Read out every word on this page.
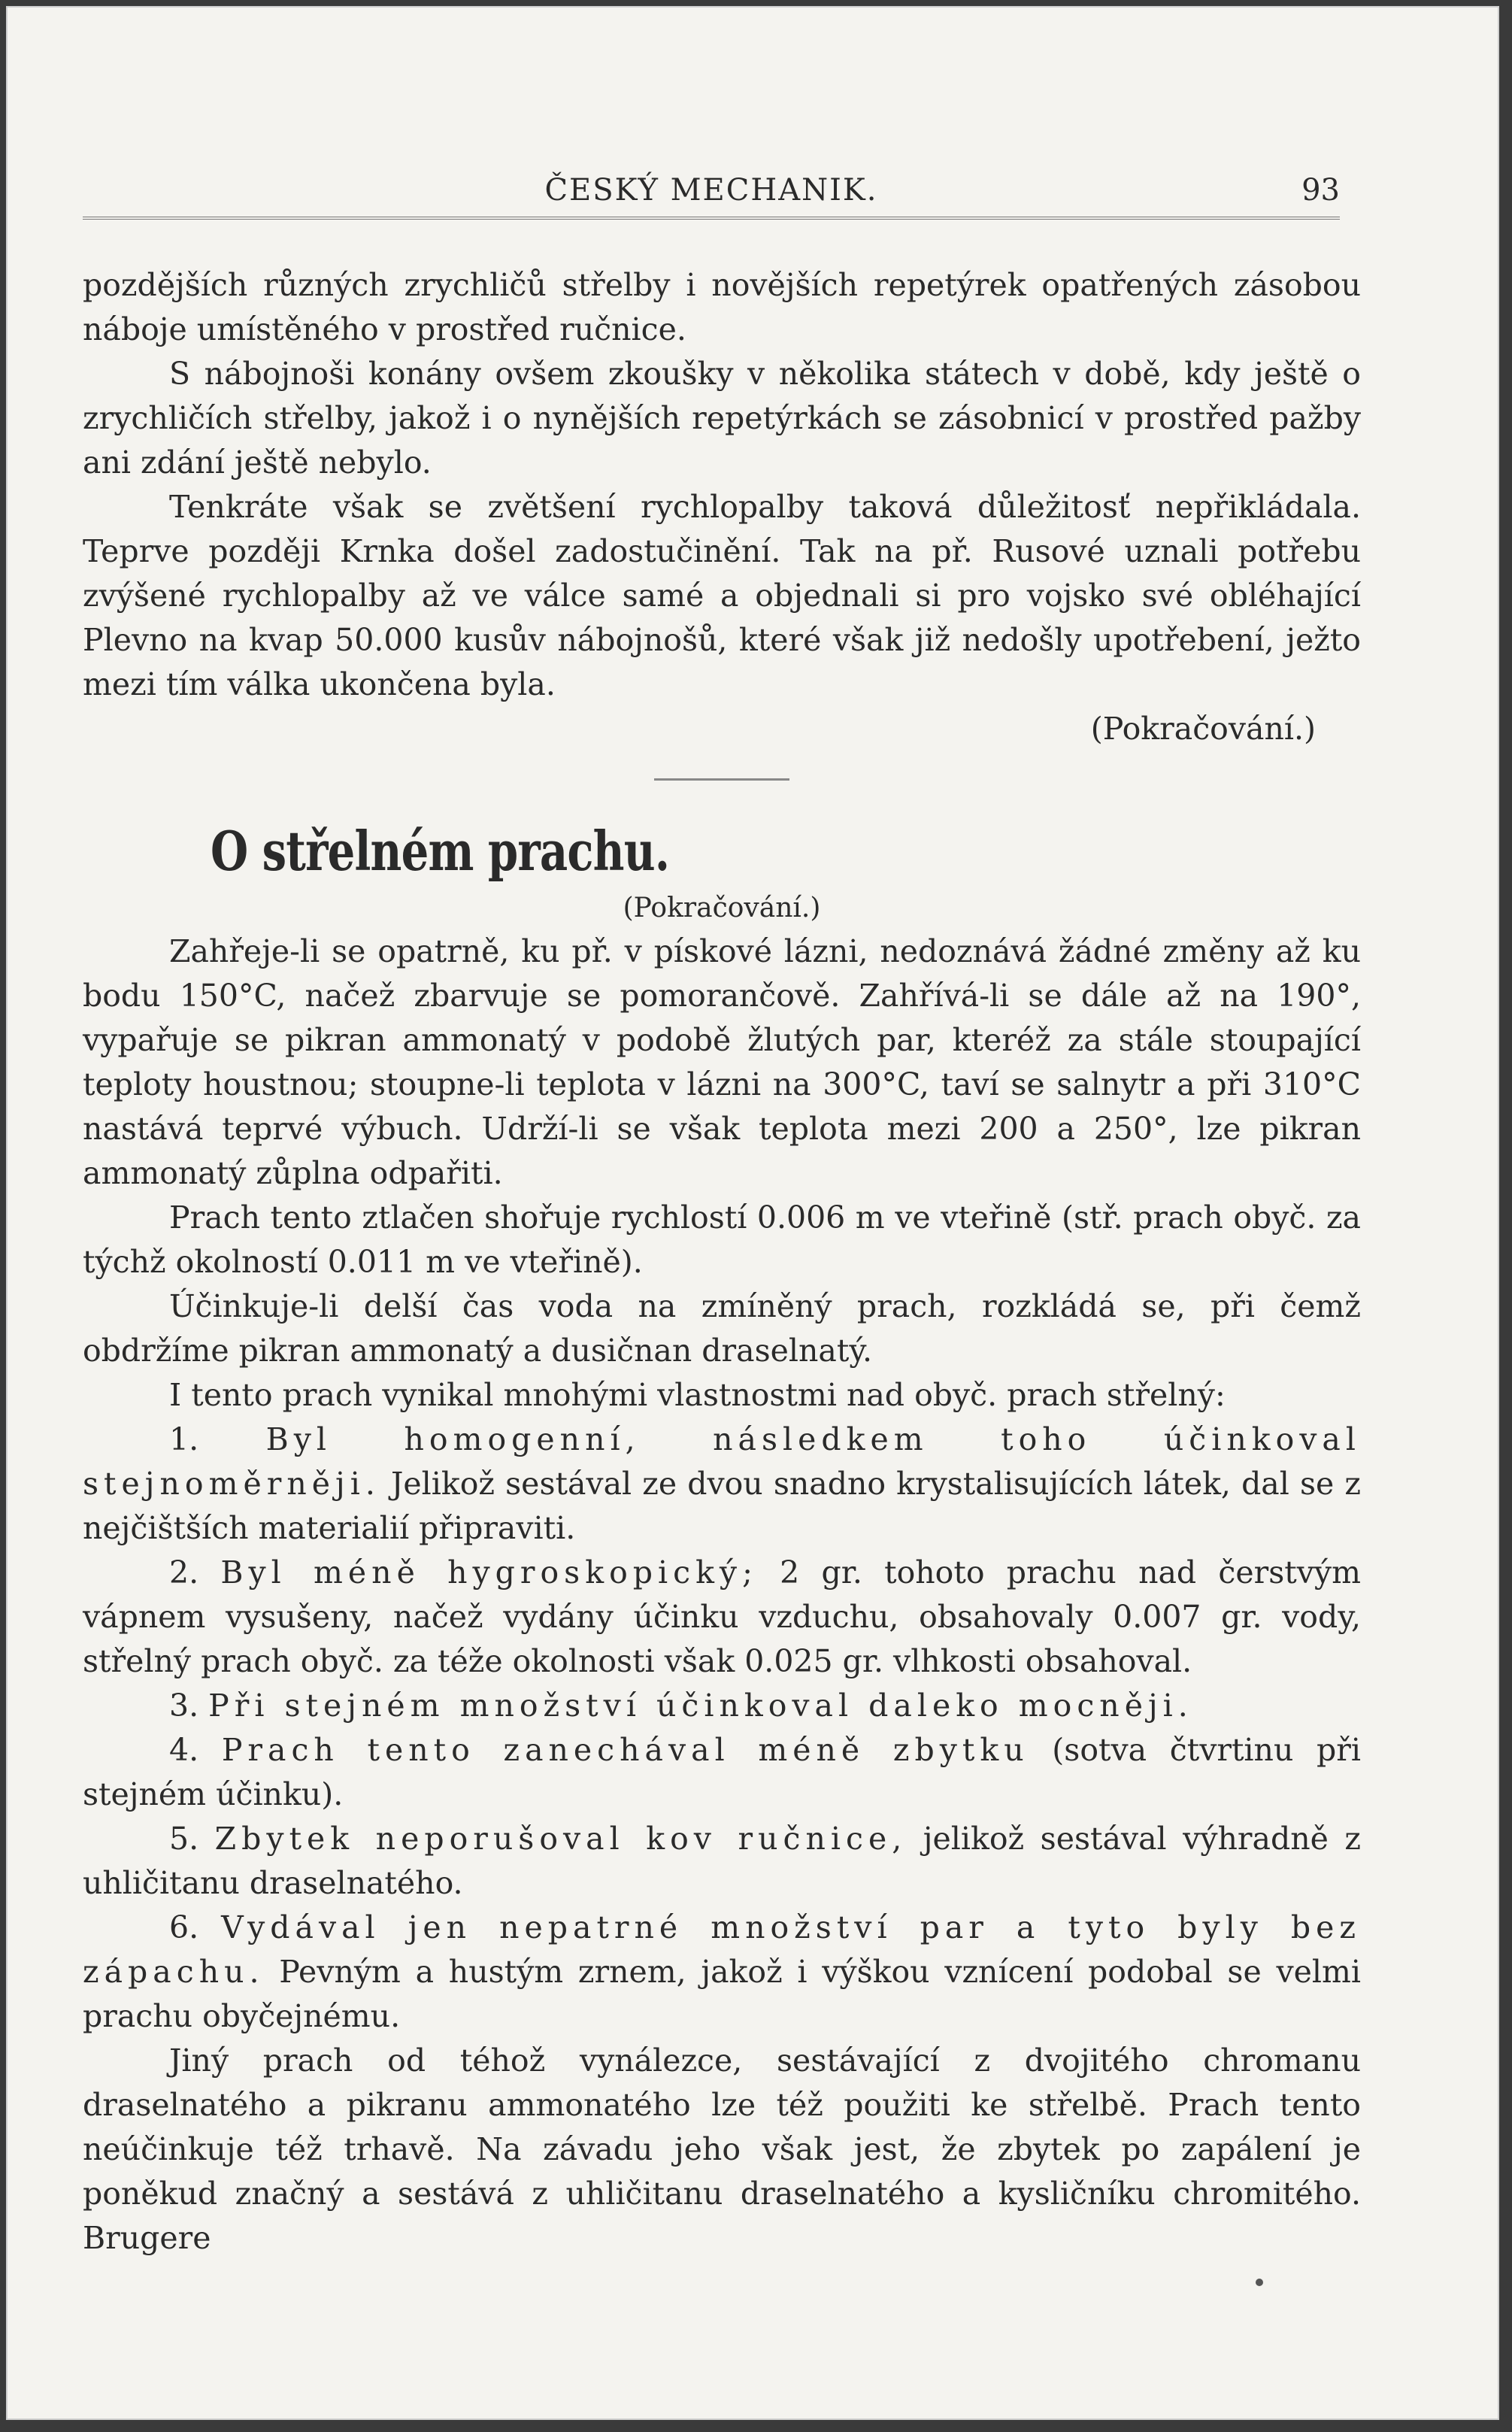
ČESKÝ MECHANIK.	93

pozdějších různých zrychličů střelby i novějších repetýrek opatřených zásobou náboje umístěného v prostřed ručnice.

S nábojnoši konány ovšem zkoušky v několika státech v době, kdy ještě o zrychličích střelby, jakož i o nynějších repetýrkách se zásobnicí v prostřed pažby ani zdání ještě nebylo.

Tenkráte však se zvětšení rychlopalby taková důležitosť nepřikládala. Teprve později Krnka došel zadostučinění. Tak na př. Rusové uznali potřebu zvýšené rychlopalby až ve válce samé a objednali si pro vojsko své obléhající Plevno na kvap 50.000 kusův nábojnošů, které však již nedošly upotřebení, ježto mezi tím válka ukončena byla.

(Pokračování.)

O střelném prachu.

(Pokračování.)

Zahřeje-li se opatrně, ku př. v pískové lázni, nedoznává žádné změny až ku bodu 150°C, načež zbarvuje se pomorančově. Zahřívá-li se dále až na 190°, vypařuje se pikran ammonatý v podobě žlutých par, kteréž za stále stoupající teploty houstnou; stoupne-li teplota v lázni na 300°C, taví se salnytr a při 310°C nastává teprvé výbuch. Udrží-li se však teplota mezi 200 a 250°, lze pikran ammonatý zůplna odpařiti.

Prach tento ztlačen shořuje rychlostí 0.006 m ve vteřině (stř. prach obyč. za týchž okolností 0.011 m ve vteřině).

Účinkuje-li delší čas voda na zmíněný prach, rozkládá se, při čemž obdržíme pikran ammonatý a dusičnan draselnatý.

I tento prach vynikal mnohými vlastnostmi nad obyč. prach střelný:

1. Byl homogenní, následkem toho účinkoval stejnoměrněji. Jelikož sestával ze dvou snadno krystalisujících látek, dal se z nejčištších materialií připraviti.

2. Byl méně hygroskopický; 2 gr. tohoto prachu nad čerstvým vápnem vysušeny, načež vydány účinku vzduchu, obsahovaly 0.007 gr. vody, střelný prach obyč. za téže okolnosti však 0.025 gr. vlhkosti obsahoval.

3. Při stejném množství účinkoval daleko mocněji.

4. Prach tento zanechával méně zbytku (sotva čtvrtinu při stejném účinku).

5. Zbytek neporušoval kov ručnice, jelikož sestával výhradně z uhličitanu draselnatého.

6. Vydával jen nepatrné množství par a tyto byly bez zápachu. Pevným a hustým zrnem, jakož i výškou vznícení podobal se velmi prachu obyčejnému.

Jiný prach od téhož vynálezce, sestávající z dvojitého chromanu draselnatého a pikranu ammonatého lze též použiti ke střelbě. Prach tento neúčinkuje též trhavě. Na závadu jeho však jest, že zbytek po zapálení je poněkud značný a sestává z uhličitanu draselnatého a kysličníku chromitého. Brugere
